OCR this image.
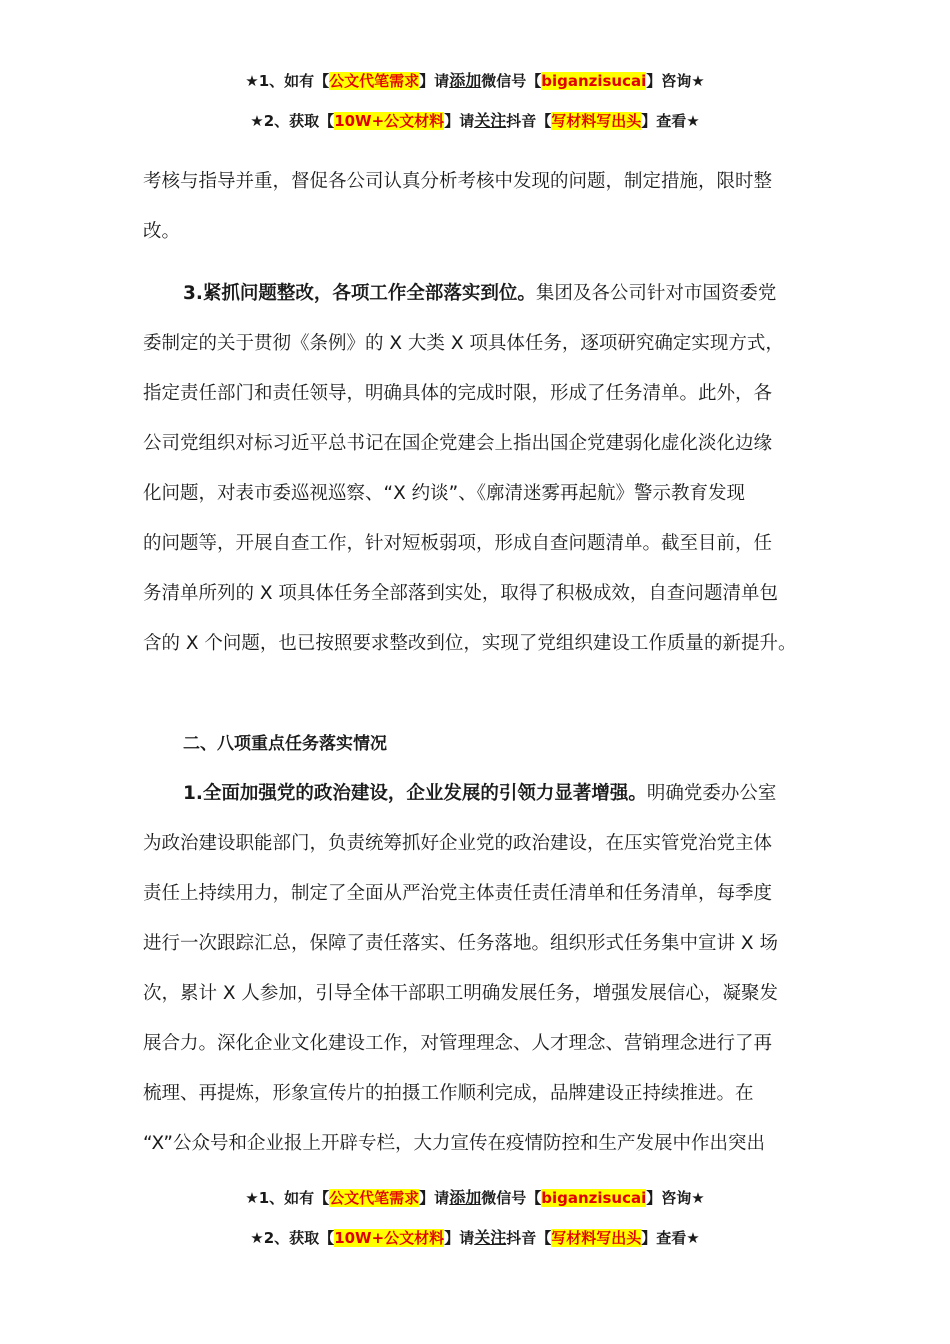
★1、如有【公文代笔需求】请添加微信号【biganzisucai】咨询★
★2、获取【10W+公文材料】请关注抖音【写材料写出头】查看★
考核与指导并重，督促各公司认真分析考核中发现的问题，制定措施，限时整
改。
3.紧抓问题整改，各项工作全部落实到位。集团及各公司针对市国资委党
委制定的关于贯彻《条例》的 X 大类 X 项具体任务，逐项研究确定实现方式，
指定责任部门和责任领导，明确具体的完成时限，形成了任务清单。此外，各
公司党组织对标习近平总书记在国企党建会上指出国企党建弱化虚化淡化边缘
化问题，对表市委巡视巡察、“X 约谈”、《廓清迷雾再起航》警示教育发现
的问题等，开展自查工作，针对短板弱项，形成自查问题清单。截至目前，任
务清单所列的 X 项具体任务全部落到实处，取得了积极成效，自查问题清单包
含的 X 个问题，也已按照要求整改到位，实现了党组织建设工作质量的新提升。
二、八项重点任务落实情况
1.全面加强党的政治建设，企业发展的引领力显著增强。明确党委办公室
为政治建设职能部门，负责统筹抓好企业党的政治建设，在压实管党治党主体
责任上持续用力，制定了全面从严治党主体责任责任清单和任务清单，每季度
进行一次跟踪汇总，保障了责任落实、任务落地。组织形式任务集中宣讲 X 场
次，累计 X 人参加，引导全体干部职工明确发展任务，增强发展信心，凝聚发
展合力。深化企业文化建设工作，对管理理念、人才理念、营销理念进行了再
梳理、再提炼，形象宣传片的拍摄工作顺利完成，品牌建设正持续推进。在
“X”公众号和企业报上开辟专栏，大力宣传在疫情防控和生产发展中作出突出
★1、如有【公文代笔需求】请添加微信号【biganzisucai】咨询★
★2、获取【10W+公文材料】请关注抖音【写材料写出头】查看★
